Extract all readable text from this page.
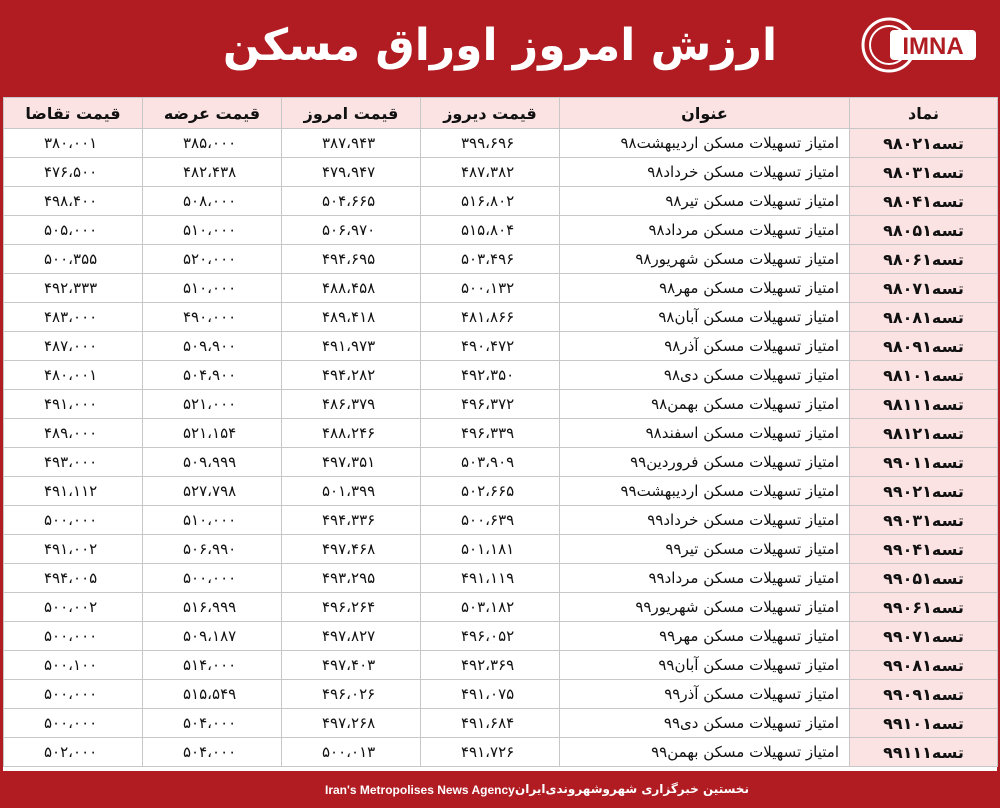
ارزش امروز اوراق مسکن	IMNA
نماد	عنوان	قیمت دیروز	قیمت امروز	قیمت عرضه	قیمت تقاضا
تسه۹۸۰۲۱	امتیاز تسهیلات مسکن اردیبهشت۹۸	۳۹۹،۶۹۶	۳۸۷،۹۴۳	۳۸۵،۰۰۰	۳۸۰،۰۰۱
تسه۹۸۰۳۱	امتیاز تسهیلات مسکن خرداد۹۸	۴۸۷،۳۸۲	۴۷۹،۹۴۷	۴۸۲،۴۳۸	۴۷۶،۵۰۰
تسه۹۸۰۴۱	امتیاز تسهیلات مسکن تیر۹۸	۵۱۶،۸۰۲	۵۰۴،۶۶۵	۵۰۸،۰۰۰	۴۹۸،۴۰۰
تسه۹۸۰۵۱	امتیاز تسهیلات مسکن مرداد۹۸	۵۱۵،۸۰۴	۵۰۶،۹۷۰	۵۱۰،۰۰۰	۵۰۵،۰۰۰
تسه۹۸۰۶۱	امتیاز تسهیلات مسکن شهریور۹۸	۵۰۳،۴۹۶	۴۹۴،۶۹۵	۵۲۰،۰۰۰	۵۰۰،۳۵۵
تسه۹۸۰۷۱	امتیاز تسهیلات مسکن مهر۹۸	۵۰۰،۱۳۲	۴۸۸،۴۵۸	۵۱۰،۰۰۰	۴۹۲،۳۳۳
تسه۹۸۰۸۱	امتیاز تسهیلات مسکن آبان۹۸	۴۸۱،۸۶۶	۴۸۹،۴۱۸	۴۹۰،۰۰۰	۴۸۳،۰۰۰
تسه۹۸۰۹۱	امتیاز تسهیلات مسکن آذر۹۸	۴۹۰،۴۷۲	۴۹۱،۹۷۳	۵۰۹،۹۰۰	۴۸۷،۰۰۰
تسه۹۸۱۰۱	امتیاز تسهیلات مسکن دی۹۸	۴۹۲،۳۵۰	۴۹۴،۲۸۲	۵۰۴،۹۰۰	۴۸۰،۰۰۱
تسه۹۸۱۱۱	امتیاز تسهیلات مسکن بهمن۹۸	۴۹۶،۳۷۲	۴۸۶،۳۷۹	۵۲۱،۰۰۰	۴۹۱،۰۰۰
تسه۹۸۱۲۱	امتیاز تسهیلات مسکن اسفند۹۸	۴۹۶،۳۳۹	۴۸۸،۲۴۶	۵۲۱،۱۵۴	۴۸۹،۰۰۰
تسه۹۹۰۱۱	امتیاز تسهیلات مسکن فروردین۹۹	۵۰۳،۹۰۹	۴۹۷،۳۵۱	۵۰۹،۹۹۹	۴۹۳،۰۰۰
تسه۹۹۰۲۱	امتیاز تسهیلات مسکن اردیبهشت۹۹	۵۰۲،۶۶۵	۵۰۱،۳۹۹	۵۲۷،۷۹۸	۴۹۱،۱۱۲
تسه۹۹۰۳۱	امتیاز تسهیلات مسکن خرداد۹۹	۵۰۰،۶۳۹	۴۹۴،۳۳۶	۵۱۰،۰۰۰	۵۰۰،۰۰۰
تسه۹۹۰۴۱	امتیاز تسهیلات مسکن تیر۹۹	۵۰۱،۱۸۱	۴۹۷،۴۶۸	۵۰۶،۹۹۰	۴۹۱،۰۰۲
تسه۹۹۰۵۱	امتیاز تسهیلات مسکن مرداد۹۹	۴۹۱،۱۱۹	۴۹۳،۲۹۵	۵۰۰،۰۰۰	۴۹۴،۰۰۵
تسه۹۹۰۶۱	امتیاز تسهیلات مسکن شهریور۹۹	۵۰۳،۱۸۲	۴۹۶،۲۶۴	۵۱۶،۹۹۹	۵۰۰،۰۰۲
تسه۹۹۰۷۱	امتیاز تسهیلات مسکن مهر۹۹	۴۹۶،۰۵۲	۴۹۷،۸۲۷	۵۰۹،۱۸۷	۵۰۰،۰۰۰
تسه۹۹۰۸۱	امتیاز تسهیلات مسکن آبان۹۹	۴۹۲،۳۶۹	۴۹۷،۴۰۳	۵۱۴،۰۰۰	۵۰۰،۱۰۰
تسه۹۹۰۹۱	امتیاز تسهیلات مسکن آذر۹۹	۴۹۱،۰۷۵	۴۹۶،۰۲۶	۵۱۵،۵۴۹	۵۰۰،۰۰۰
تسه۹۹۱۰۱	امتیاز تسهیلات مسکن دی۹۹	۴۹۱،۶۸۴	۴۹۷،۲۶۸	۵۰۴،۰۰۰	۵۰۰،۰۰۰
تسه۹۹۱۱۱	امتیاز تسهیلات مسکن بهمن۹۹	۴۹۱،۷۲۶	۵۰۰،۰۱۳	۵۰۴،۰۰۰	۵۰۲،۰۰۰
Iran's Metropolises News Agency نخستین خبرگزاری شهروشهروندی‌ایران
